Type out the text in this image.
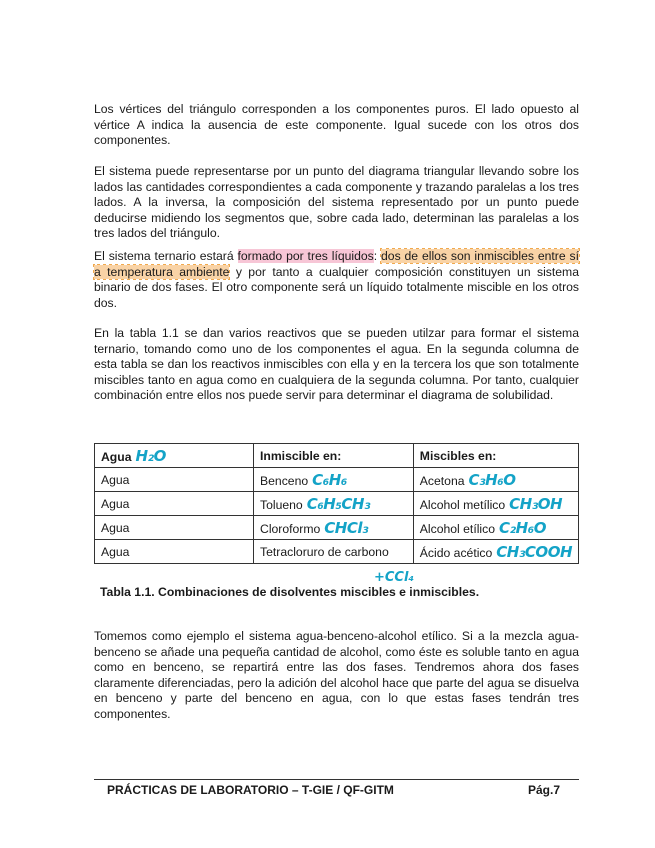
Los vértices del triángulo corresponden a los componentes puros. El lado opuesto al vértice A indica la ausencia de este componente. Igual sucede con los otros dos componentes.

El sistema puede representarse por un punto del diagrama triangular llevando sobre los lados las cantidades correspondientes a cada componente y trazando paralelas a los tres lados. A la inversa, la composición del sistema representado por un punto puede deducirse midiendo los segmentos que, sobre cada lado, determinan las paralelas a los tres lados del triángulo.

El sistema ternario estará formado por tres líquidos: dos de ellos son inmiscibles entre sí a temperatura ambiente y por tanto a cualquier composición constituyen un sistema binario de dos fases. El otro componente será un líquido totalmente miscible en los otros dos.

En la tabla 1.1 se dan varios reactivos que se pueden utilzar para formar el sistema ternario, tomando como uno de los componentes el agua. En la segunda columna de esta tabla se dan los reactivos inmiscibles con ella y en la tercera los que son totalmente miscibles tanto en agua como en cualquiera de la segunda columna. Por tanto, cualquier combinación entre ellos nos puede servir para determinar el diagrama de solubilidad.

Agua H₂O	Inmiscible en:	Miscibles en:
Agua	Benceno C₆H₆	Acetona C₃H₆O
Agua	Tolueno C₆H₅CH₃	Alcohol metílico CH₃OH
Agua	Cloroformo CHCl₃	Alcohol etílico C₂H₆O
Agua	Tetracloruro de carbono	Ácido acético CH₃COOH
+CCl₄

Tabla 1.1. Combinaciones de disolventes miscibles e inmiscibles.

Tomemos como ejemplo el sistema agua-benceno-alcohol etílico. Si a la mezcla agua-benceno se añade una pequeña cantidad de alcohol, como éste es soluble tanto en agua como en benceno, se repartirá entre las dos fases. Tendremos ahora dos fases claramente diferenciadas, pero la adición del alcohol hace que parte del agua se disuelva en benceno y parte del benceno en agua, con lo que estas fases tendrán tres componentes.

PRÁCTICAS DE LABORATORIO – T-GIE / QF-GITM	Pág.7
